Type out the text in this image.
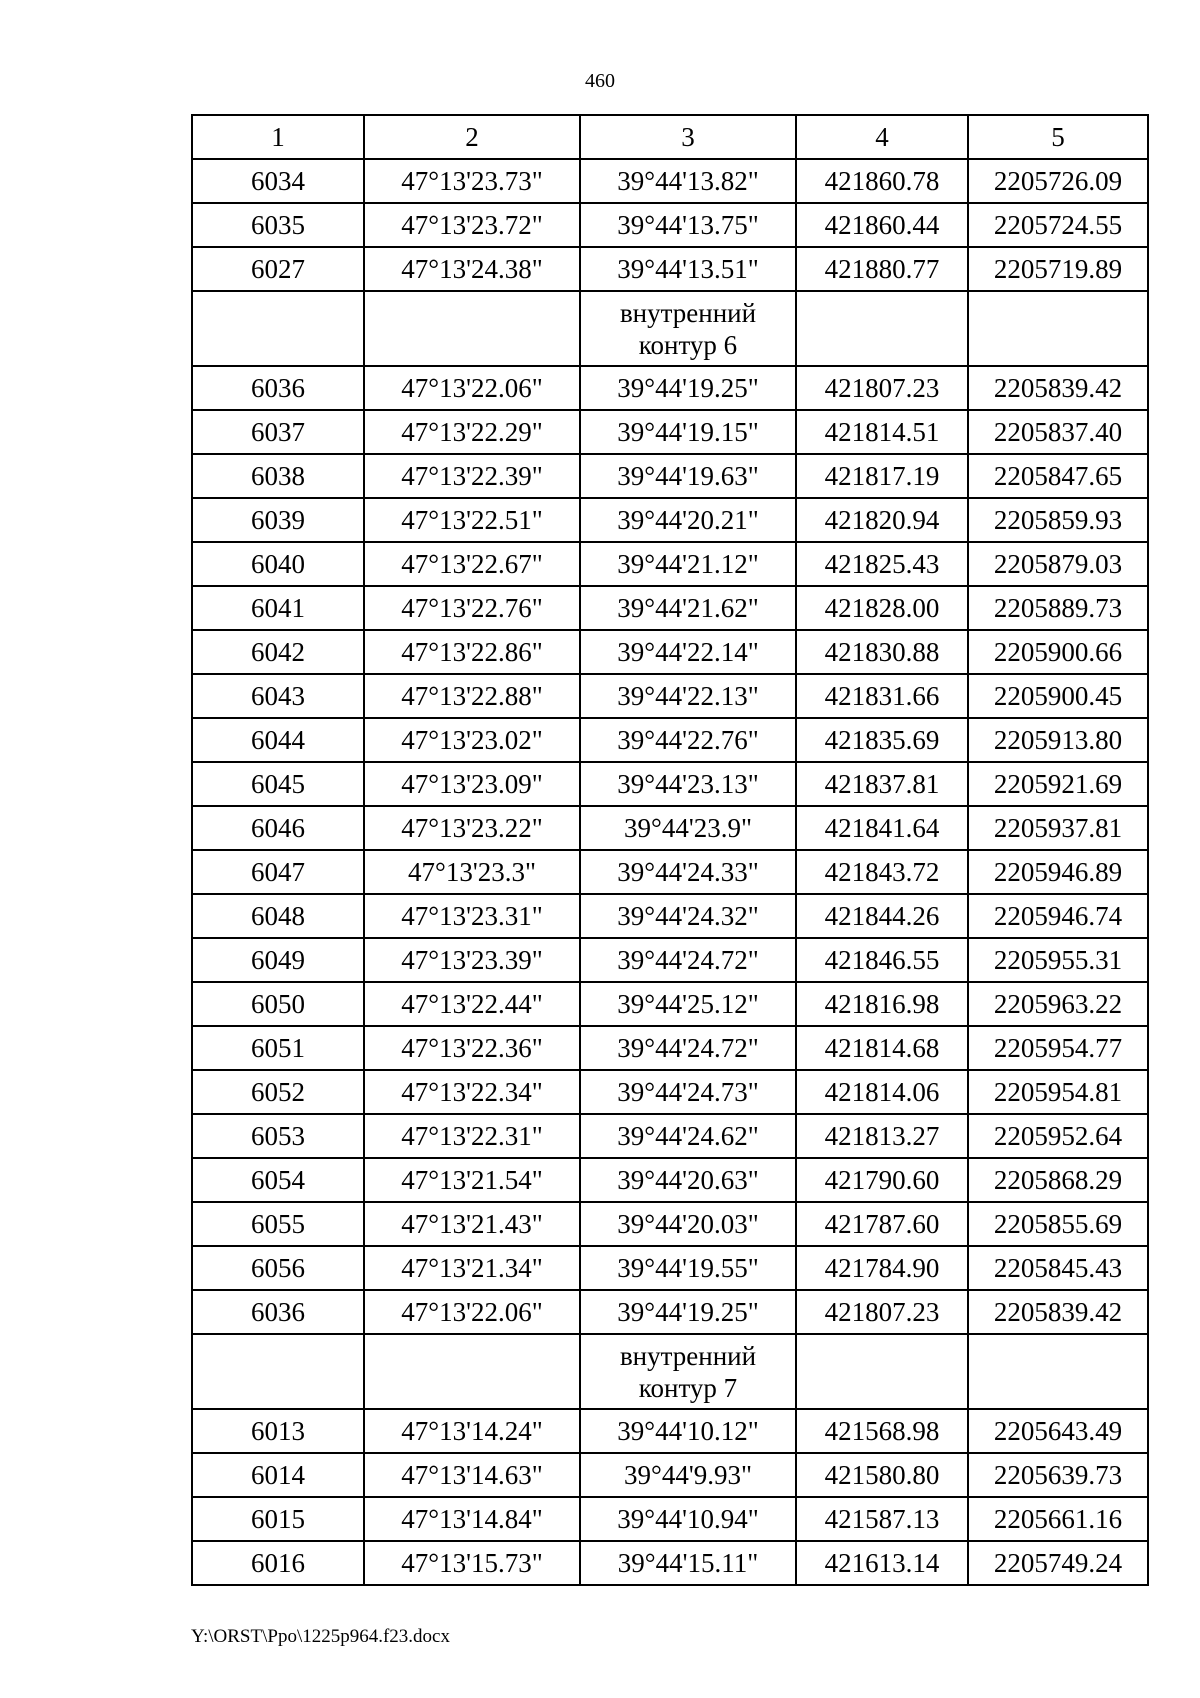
460
1	2	3	4	5
6034	47°13'23.73"	39°44'13.82"	421860.78	2205726.09
6035	47°13'23.72"	39°44'13.75"	421860.44	2205724.55
6027	47°13'24.38"	39°44'13.51"	421880.77	2205719.89

		внутренний
контур 6		

6036	47°13'22.06"	39°44'19.25"	421807.23	2205839.42
6037	47°13'22.29"	39°44'19.15"	421814.51	2205837.40
6038	47°13'22.39"	39°44'19.63"	421817.19	2205847.65
6039	47°13'22.51"	39°44'20.21"	421820.94	2205859.93
6040	47°13'22.67"	39°44'21.12"	421825.43	2205879.03
6041	47°13'22.76"	39°44'21.62"	421828.00	2205889.73
6042	47°13'22.86"	39°44'22.14"	421830.88	2205900.66
6043	47°13'22.88"	39°44'22.13"	421831.66	2205900.45
6044	47°13'23.02"	39°44'22.76"	421835.69	2205913.80
6045	47°13'23.09"	39°44'23.13"	421837.81	2205921.69
6046	47°13'23.22"	39°44'23.9"	421841.64	2205937.81
6047	47°13'23.3"	39°44'24.33"	421843.72	2205946.89
6048	47°13'23.31"	39°44'24.32"	421844.26	2205946.74
6049	47°13'23.39"	39°44'24.72"	421846.55	2205955.31
6050	47°13'22.44"	39°44'25.12"	421816.98	2205963.22
6051	47°13'22.36"	39°44'24.72"	421814.68	2205954.77
6052	47°13'22.34"	39°44'24.73"	421814.06	2205954.81
6053	47°13'22.31"	39°44'24.62"	421813.27	2205952.64
6054	47°13'21.54"	39°44'20.63"	421790.60	2205868.29
6055	47°13'21.43"	39°44'20.03"	421787.60	2205855.69
6056	47°13'21.34"	39°44'19.55"	421784.90	2205845.43
6036	47°13'22.06"	39°44'19.25"	421807.23	2205839.42

		внутренний
контур 7		

6013	47°13'14.24"	39°44'10.12"	421568.98	2205643.49
6014	47°13'14.63"	39°44'9.93"	421580.80	2205639.73
6015	47°13'14.84"	39°44'10.94"	421587.13	2205661.16
6016	47°13'15.73"	39°44'15.11"	421613.14	2205749.24
Y:\ORST\Ppo\1225p964.f23.docx
